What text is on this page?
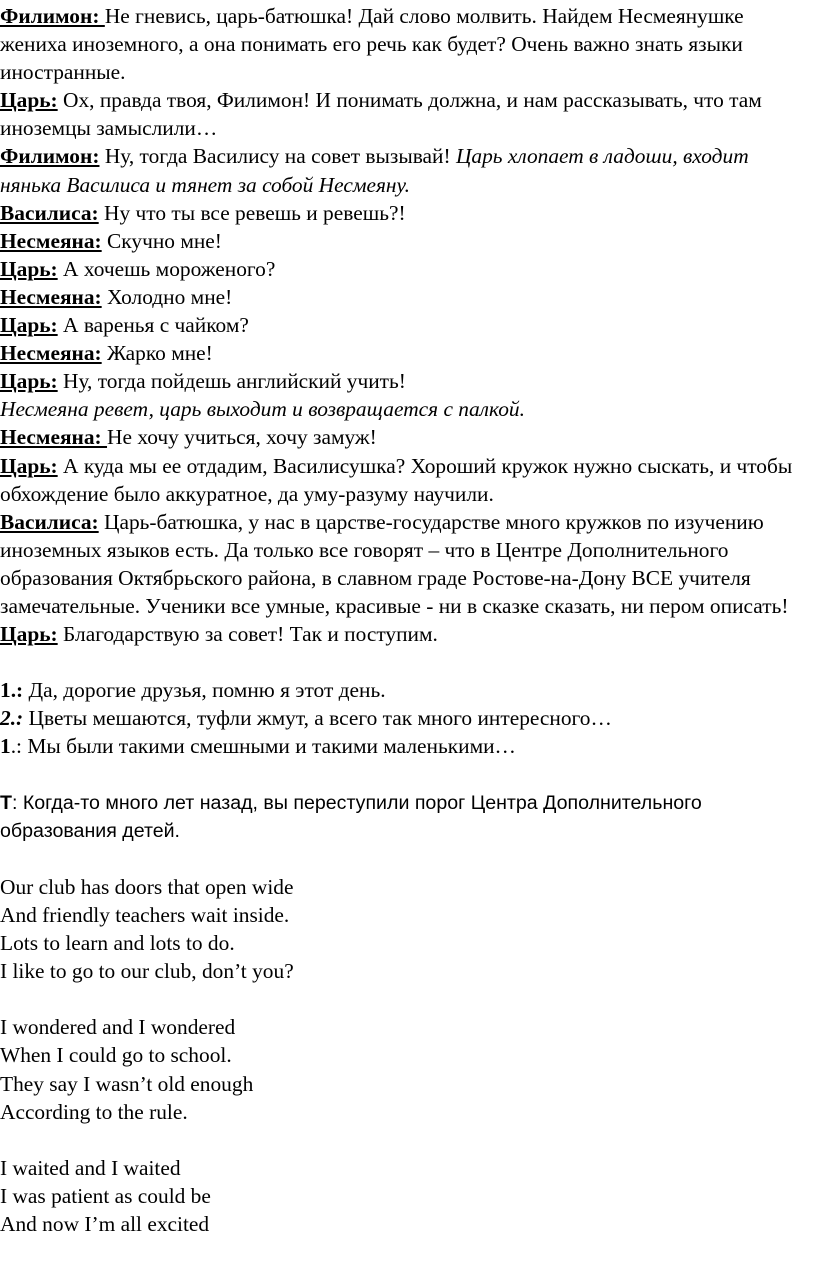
Филимон: Не гневись, царь-батюшка! Дай слово молвить. Найдем Несмеянушке жениха иноземного, а она понимать его речь как будет? Очень важно знать языки иностранные.

Царь: Ох, правда твоя, Филимон! И понимать должна, и нам рассказывать, что там иноземцы замыслили…

Филимон: Ну, тогда Василису на совет вызывай! Царь хлопает в ладоши, входит нянька Василиса и тянет за собой Несмеяну.

Василиса: Ну что ты все ревешь и ревешь?!

Несмеяна: Скучно мне!

Царь: А хочешь мороженого?

Несмеяна: Холодно мне!

Царь: А варенья с чайком?

Несмеяна: Жарко мне!

Царь: Ну, тогда пойдешь английский учить!

Несмеяна ревет, царь выходит и возвращается с палкой.

Несмеяна: Не хочу учиться, хочу замуж!

Царь: А куда мы ее отдадим, Василисушка? Хороший кружок нужно сыскать, и чтобы обхождение было аккуратное, да уму-разуму научили.

Василиса: Царь-батюшка, у нас в царстве-государстве много кружков по изучению иноземных языков есть. Да только все говорят – что в Центре Дополнительного образования Октябрьского района, в славном граде Ростове-на-Дону ВСЕ учителя замечательные. Ученики все умные, красивые - ни в сказке сказать, ни пером описать!

Царь: Благодарствую за совет! Так и поступим.

1.: Да, дорогие друзья, помню я этот день.

2.: Цветы мешаются, туфли жмут, а всего так много интересного…

1.: Мы были такими смешными и такими маленькими…

Т: Когда-то много лет назад, вы переступили порог Центра Дополнительного образования детей.

Our club has doors that open wide

And friendly teachers wait inside.

Lots to learn and lots to do.

I like to go to our club, don’t you?

I wondered and I wondered

When I could go to school.

They say I wasn’t old enough

According to the rule.

I waited and I waited

I was patient as could be

And now I’m all excited
